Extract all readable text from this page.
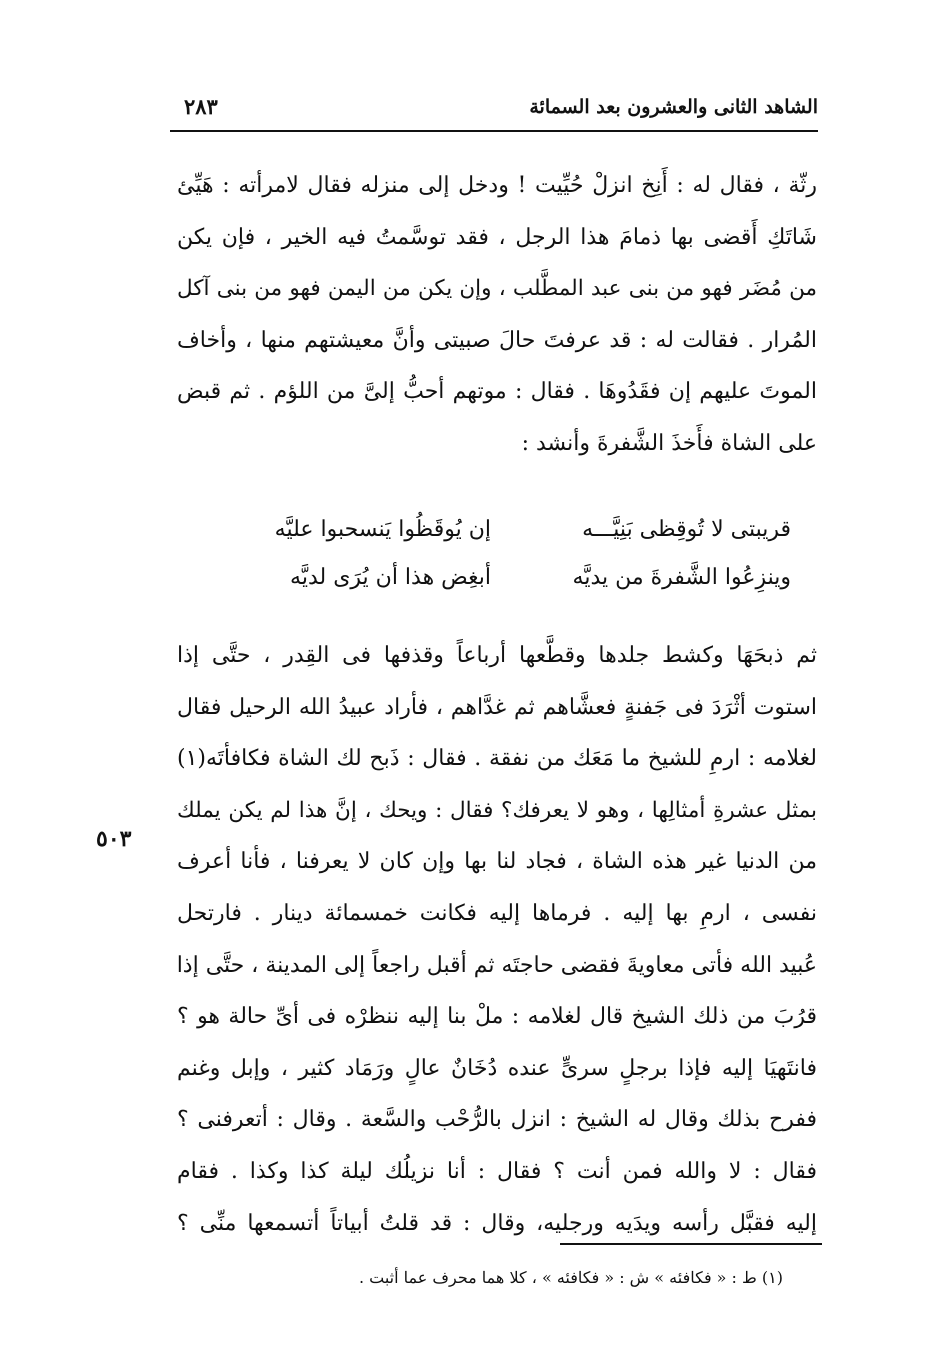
الشاهد الثانى والعشرون بعد السمائة
٢٨٣
رثّة ، فقال له : أَنِخ انزلْ حُيِّيت ! ودخل إلى منزله فقال لامرأته : هَيِّئ
شَاتَكِ أَقضى بها ذمامَ هذا الرجل ، فقد توسَّمتُ فيه الخير ، فإن يكن
من مُضَر فهو من بنى عبد المطَّلب ، وإن يكن من اليمن فهو من بنى آكل
المُرار . فقالت له : قد عرفتَ حالَ صبيتى وأنَّ معيشتهم منها ، وأخاف
الموتَ عليهم إن فقَدُوهَا . فقال : موتهم أحبُّ إلىَّ من اللؤم . ثم قبض
على الشاة فأَخذَ الشَّفرةَ وأنشد :
قريبتى لا تُوقِظى بَنِيَّـــه
إن يُوقَظُوا يَنسحبوا عليَّه
وينزِعُوا الشَّفرةَ من يديَّه
أبغِض هذا أن يُرَى لديَّه
ثم ذبحَهَا وكشط جلدها وقطَّعها أرباعاً وقذفها فى القِدر ، حتَّى إذا
استوت أثْرَدَ فى جَفنةٍ فعشَّاهم ثم غدَّاهم ، فأراد عبيدُ الله الرحيل فقال
لغلامه : ارمِ للشيخ ما مَعَك من نفقة . فقال : ذَبح لك الشاة فكافأتَه(١)
بمثل عشرةِ أمثالِها ، وهو لا يعرفك؟ فقال : ويحك ، إنَّ هذا لم يكن يملك
من الدنيا غير هذه الشاة ، فجاد لنا بها وإن كان لا يعرفنا ، فأنا أعرف
نفسى ، ارمِ بها إليه . فرماها إليه فكانت خمسمائة دينار . فارتحل
عُبيد الله فأتى معاويةَ فقضى حاجتَه ثم أقبل راجعاً إلى المدينة ، حتَّى إذا
قرُبَ من ذلك الشيخ قال لغلامه : ملْ بنا إليه ننظرْه فى أىِّ حالة هو ؟
فانتَهيَا إليه فإذا برجلٍ سرىٍّ عنده دُخَانٌ عالٍ ورَمَاد كثير ، وإبل وغنم
ففرح بذلك وقال له الشيخ : انزل بالرُّحْب والسَّعة . وقال : أتعرفنى ؟
فقال : لا والله فمن أنت ؟ فقال : أنا نزيلُك ليلة كذا وكذا . فقام
إليه فقبَّل رأسه ويدَيه ورجليه، وقال : قد قلتُ أبياتاً أتسمعها منِّى ؟
٥٠٣
(١) ط : « فكافئه » ش : « فكافئه » ، كلا هما محرف عما أثبت .
